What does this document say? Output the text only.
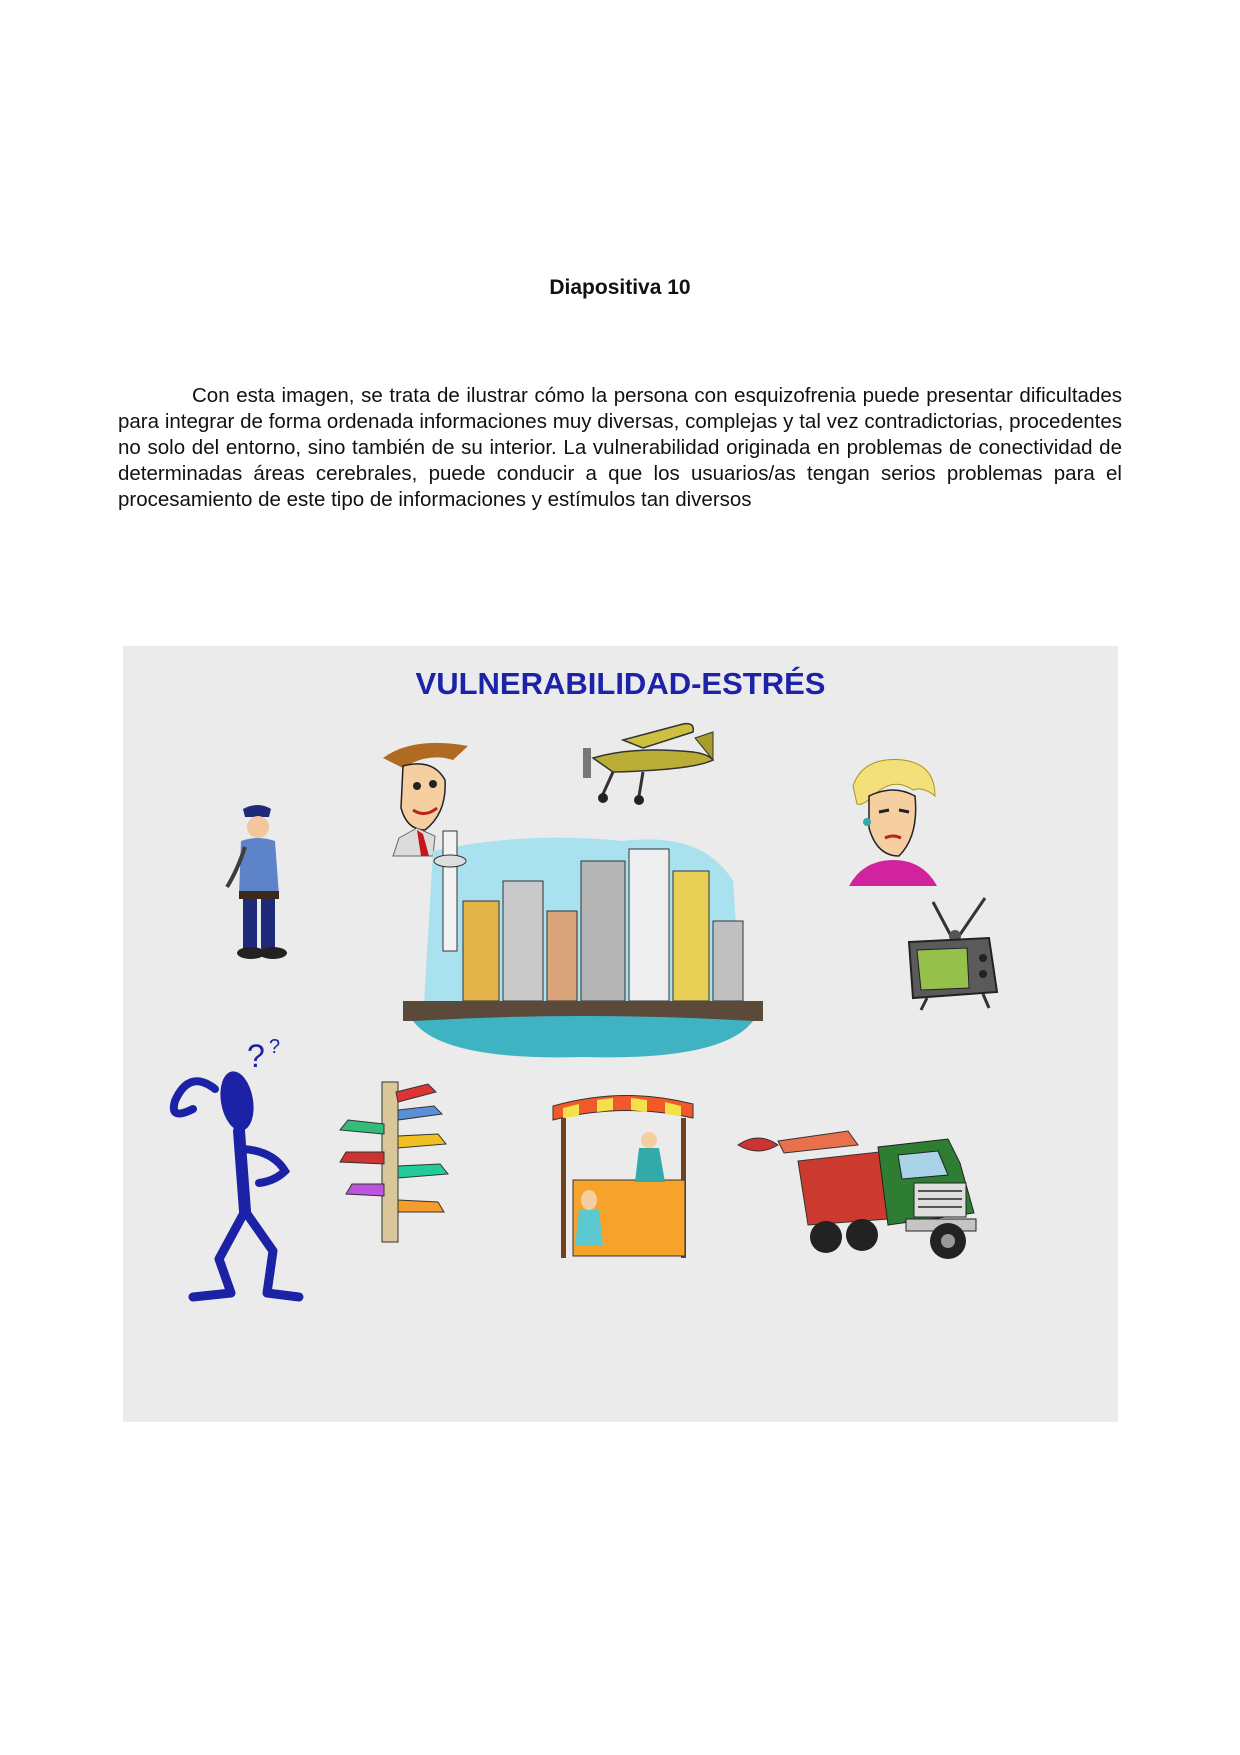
Diapositiva 10

Con esta imagen, se trata de ilustrar cómo la persona con esquizofrenia puede presentar dificultades para integrar de forma ordenada informaciones muy diversas, complejas y tal vez contradictorias, procedentes no solo del entorno, sino también de su interior. La vulnerabilidad originada en problemas de conectividad de determinadas áreas cerebrales, puede conducir a que los usuarios/as tengan serios problemas para el procesamiento de este tipo de informaciones y estímulos tan diversos

VULNERABILIDAD-ESTRÉS
? ?
